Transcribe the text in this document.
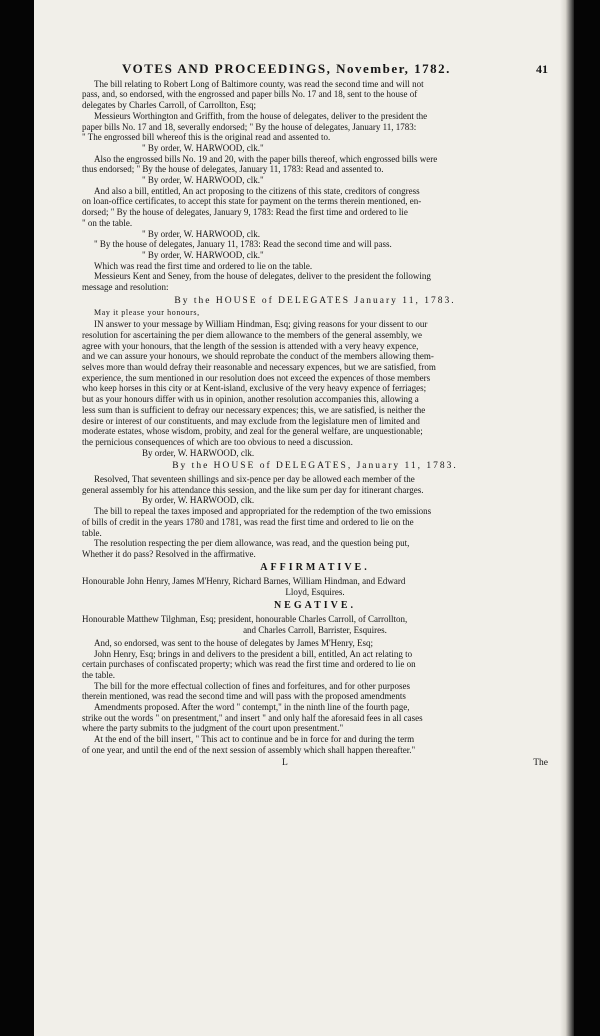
VOTES AND PROCEEDINGS, November, 1782.	41
The bill relating to Robert Long of Baltimore county, was read the second time and will not
pass, and, so endorsed, with the engrossed and paper bills No. 17 and 18, sent to the house of
delegates by Charles Carroll, of Carrollton, Esq;
Messieurs Worthington and Griffith, from the house of delegates, deliver to the president the
paper bills No. 17 and 18, severally endorsed; " By the house of delegates, January 11, 1783:
" The engrossed bill whereof this is the original read and assented to.
" By order, W. HARWOOD, clk."
Also the engrossed bills No. 19 and 20, with the paper bills thereof, which engrossed bills were
thus endorsed; " By the house of delegates, January 11, 1783: Read and assented to.
" By order, W. HARWOOD, clk."
And also a bill, entitled, An act proposing to the citizens of this state, creditors of congress
on loan-office certificates, to accept this state for payment on the terms therein mentioned, en-
dorsed; " By the house of delegates, January 9, 1783: Read the first time and ordered to lie
" on the table.
" By order, W. HARWOOD, clk.
" By the house of delegates, January 11, 1783: Read the second time and will pass.
" By order, W. HARWOOD, clk."
Which was read the first time and ordered to lie on the table.
Messieurs Kent and Seney, from the house of delegates, deliver to the president the following
message and resolution:
By the HOUSE of DELEGATES January 11, 1783.
May it please your honours,
IN answer to your message by William Hindman, Esq; giving reasons for your dissent to our
resolution for ascertaining the per diem allowance to the members of the general assembly, we
agree with your honours, that the length of the session is attended with a very heavy expence,
and we can assure your honours, we should reprobate the conduct of the members allowing them-
selves more than would defray their reasonable and necessary expences, but we are satisfied, from
experience, the sum mentioned in our resolution does not exceed the expences of those members
who keep horses in this city or at Kent-island, exclusive of the very heavy expence of ferriages;
but as your honours differ with us in opinion, another resolution accompanies this, allowing a
less sum than is sufficient to defray our necessary expences; this, we are satisfied, is neither the
desire or interest of our constituents, and may exclude from the legislature men of limited and
moderate estates, whose wisdom, probity, and zeal for the general welfare, are unquestionable;
the pernicious consequences of which are too obvious to need a discussion.
By order, W. HARWOOD, clk.
By the HOUSE of DELEGATES, January 11, 1783.
Resolved, That seventeen shillings and six-pence per day be allowed each member of the
general assembly for his attendance this session, and the like sum per day for itinerant charges.
By order, W. HARWOOD, clk.
The bill to repeal the taxes imposed and appropriated for the redemption of the two emissions
of bills of credit in the years 1780 and 1781, was read the first time and ordered to lie on the
table.
The resolution respecting the per diem allowance, was read, and the question being put,
Whether it do pass? Resolved in the affirmative.
AFFIRMATIVE.
Honourable John Henry, James M'Henry, Richard Barnes, William Hindman, and Edward
Lloyd, Esquires.
NEGATIVE.
Honourable Matthew Tilghman, Esq; president, honourable Charles Carroll, of Carrollton,
and Charles Carroll, Barrister, Esquires.
And, so endorsed, was sent to the house of delegates by James M'Henry, Esq;
John Henry, Esq; brings in and delivers to the president a bill, entitled, An act relating to
certain purchases of confiscated property; which was read the first time and ordered to lie on
the table.
The bill for the more effectual collection of fines and forfeitures, and for other purposes
therein mentioned, was read the second time and will pass with the proposed amendments
Amendments proposed. After the word " contempt," in the ninth line of the fourth page,
strike out the words " on presentment," and insert " and only half the aforesaid fees in all cases
where the party submits to the judgment of the court upon presentment."
At the end of the bill insert, " This act to continue and be in force for and during the term
of one year, and until the end of the next session of assembly which shall happen thereafter."
L	The
